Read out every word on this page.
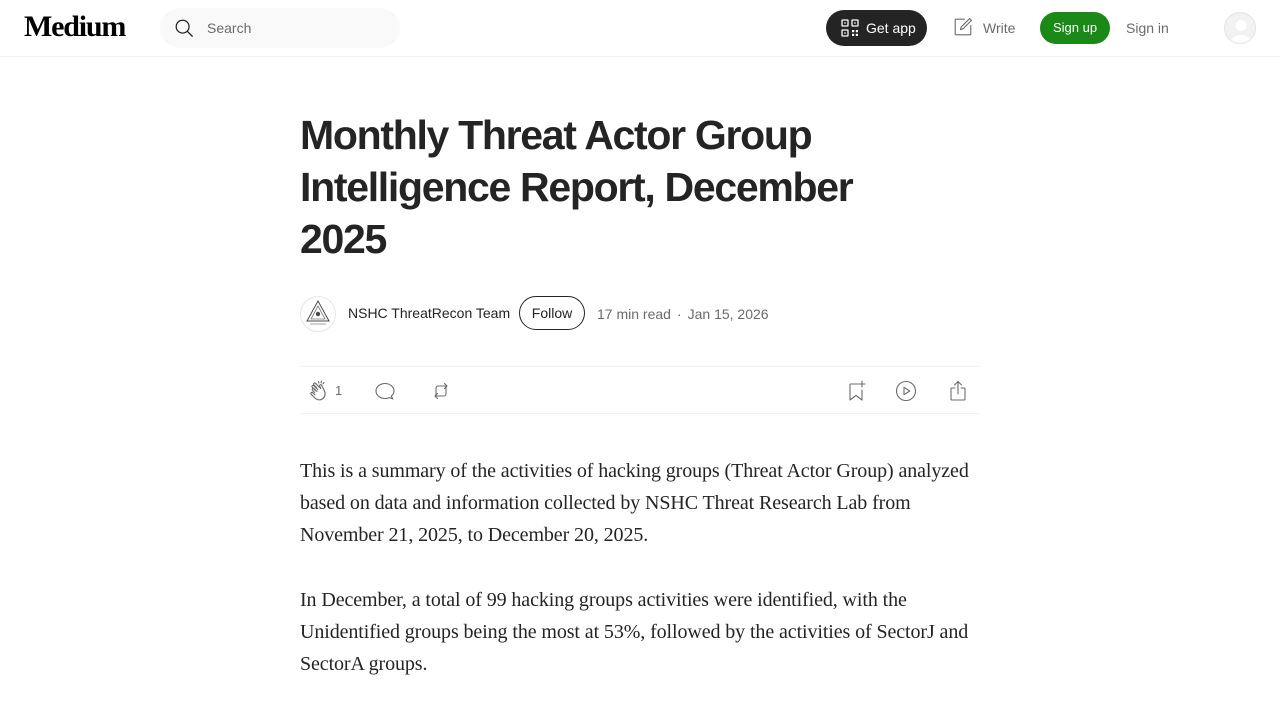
Medium
Search	Get app	Write	Sign up	Sign in
Monthly Threat Actor Group Intelligence Report, December 2025
NSHC ThreatRecon Team	Follow	17 min read · Jan 15, 2026
1

This is a summary of the activities of hacking groups (Threat Actor Group) analyzed based on data and information collected by NSHC Threat Research Lab from November 21, 2025, to December 20, 2025.

In December, a total of 99 hacking groups activities were identified, with the Unidentified groups being the most at 53%, followed by the activities of SectorJ and SectorA groups.
